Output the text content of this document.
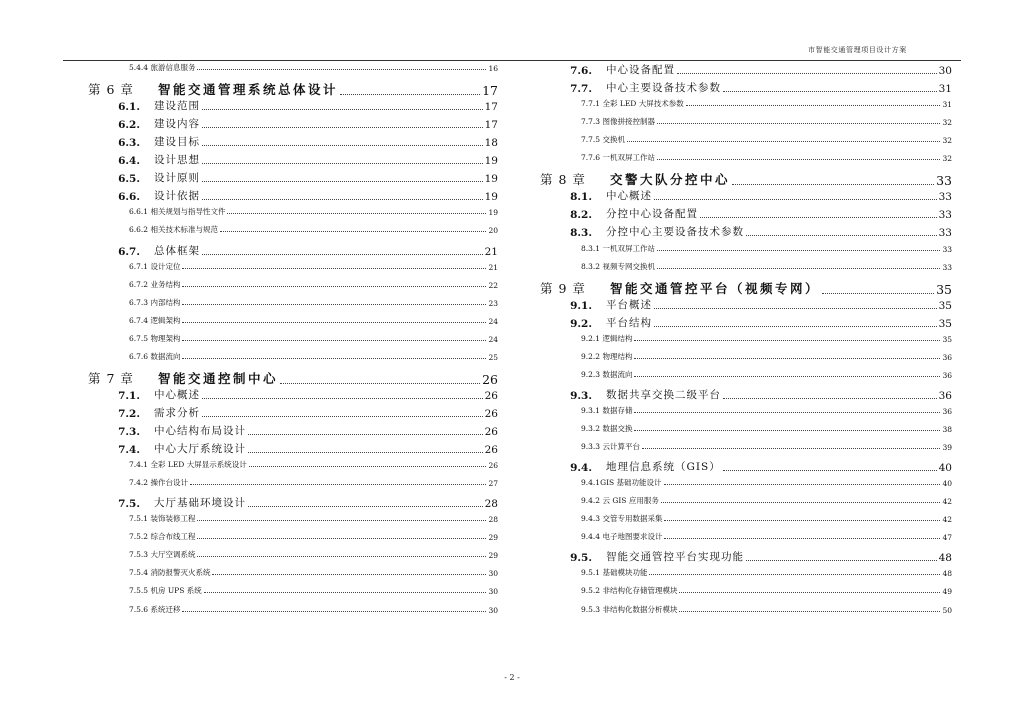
市智能交通管理项目设计方案
5.4.4 旅游信息服务	16
第 6 章	智能交通管理系统总体设计	17
6.1.	建设范围	17
6.2.	建设内容	17
6.3.	建设目标	18
6.4.	设计思想	19
6.5.	设计原则	19
6.6.	设计依据	19
6.6.1 相关规划与指导性文件	19
6.6.2 相关技术标准与规范	20
6.7.	总体框架	21
6.7.1 设计定位	21
6.7.2 业务结构	22
6.7.3 内部结构	23
6.7.4 逻辑架构	24
6.7.5 物理架构	24
6.7.6 数据流向	25
第 7 章	智能交通控制中心	26
7.1.	中心概述	26
7.2.	需求分析	26
7.3.	中心结构布局设计	26
7.4.	中心大厅系统设计	26
7.4.1 全彩 LED 大屏显示系统设计	26
7.4.2 操作台设计	27
7.5.	大厅基础环境设计	28
7.5.1 装饰装修工程	28
7.5.2 综合布线工程	29
7.5.3 大厅空调系统	29
7.5.4 消防报警灭火系统	30
7.5.5 机房 UPS 系统	30
7.5.6 系统迁移	30
7.6.	中心设备配置	30
7.7.	中心主要设备技术参数	31
7.7.1 全彩 LED 大屏技术参数	31
7.7.3 图像拼接控制器	32
7.7.5 交换机	32
7.7.6 一机双屏工作站	32
第 8 章	交警大队分控中心	33
8.1.	中心概述	33
8.2.	分控中心设备配置	33
8.3.	分控中心主要设备技术参数	33
8.3.1 一机双屏工作站	33
8.3.2 视频专网交换机	33
第 9 章	智能交通管控平台（视频专网）	35
9.1.	平台概述	35
9.2.	平台结构	35
9.2.1 逻辑结构	35
9.2.2 物理结构	36
9.2.3 数据流向	36
9.3.	数据共享交换二级平台	36
9.3.1 数据存储	36
9.3.2 数据交换	38
9.3.3 云计算平台	39
9.4.	地理信息系统（GIS）	40
9.4.1GIS 基础功能设计	40
9.4.2 云 GIS 应用服务	42
9.4.3 交管专用数据采集	42
9.4.4 电子地图要求设计	47
9.5.	智能交通管控平台实现功能	48
9.5.1 基础模块功能	48
9.5.2 非结构化存储管理模块	49
9.5.3 非结构化数据分析模块	50
- 2 -
